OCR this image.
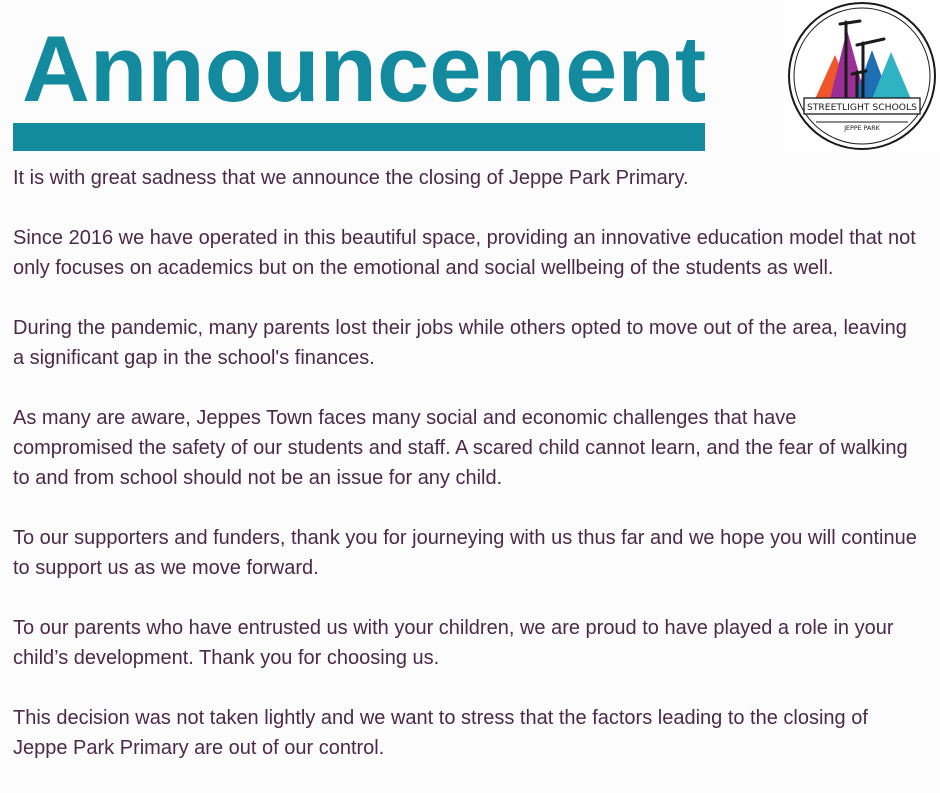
Announcement	STREETLIGHT SCHOOLS
JEPPE PARK

It is with great sadness that we announce the closing of Jeppe Park Primary.

Since 2016 we have operated in this beautiful space, providing an innovative education model that not only focuses on academics but on the emotional and social wellbeing of the students as well.

During the pandemic, many parents lost their jobs while others opted to move out of the area, leaving a significant gap in the school's finances.

As many are aware, Jeppes Town faces many social and economic challenges that have compromised the safety of our students and staff. A scared child cannot learn, and the fear of walking to and from school should not be an issue for any child.

To our supporters and funders, thank you for journeying with us thus far and we hope you will continue to support us as we move forward.

To our parents who have entrusted us with your children, we are proud to have played a role in your child’s development. Thank you for choosing us.

This decision was not taken lightly and we want to stress that the factors leading to the closing of Jeppe Park Primary are out of our control.
